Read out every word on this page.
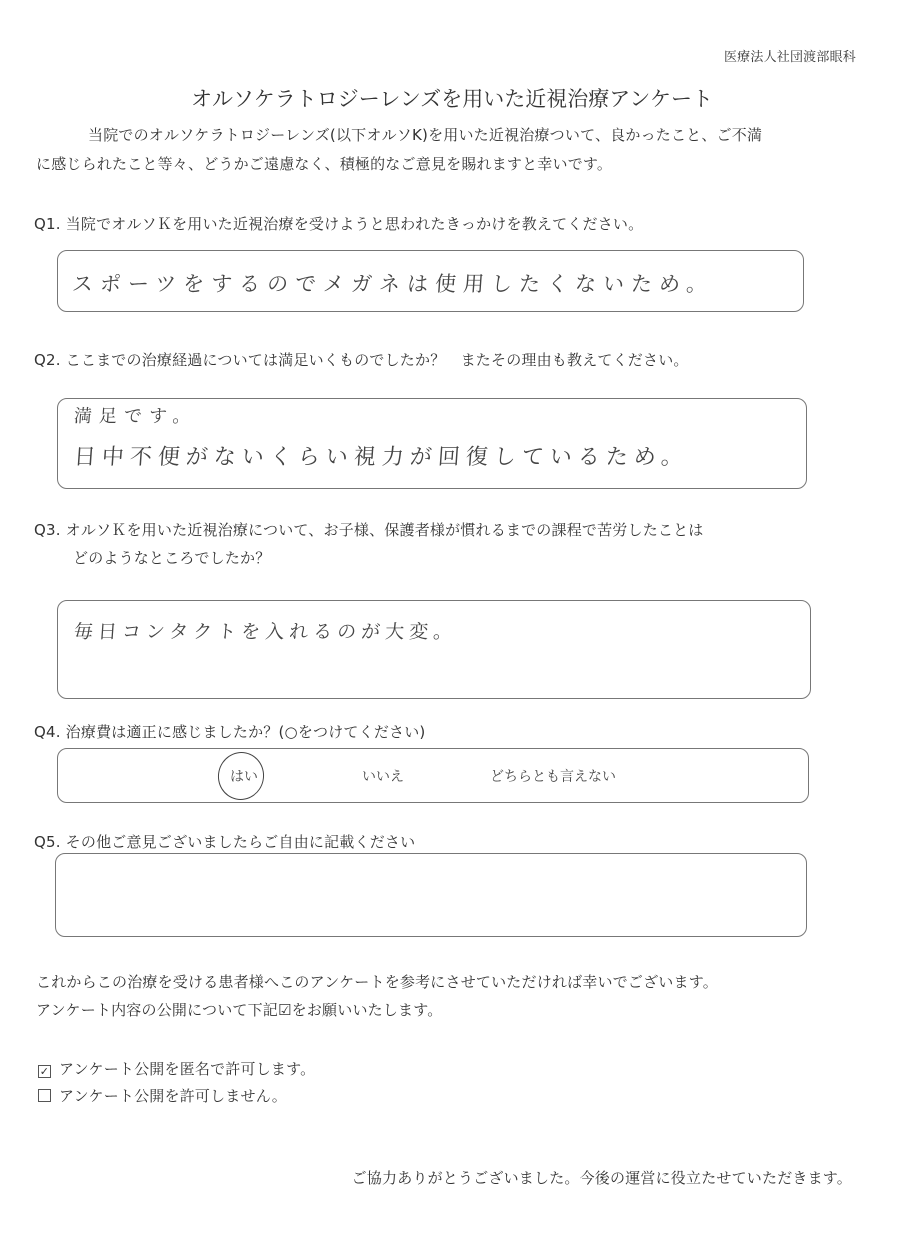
医療法人社団渡部眼科
オルソケラトロジーレンズを用いた近視治療アンケート
当院でのオルソケラトロジーレンズ(以下オルソK)を用いた近視治療ついて、良かったこと、ご不満
に感じられたこと等々、どうかご遠慮なく、積極的なご意見を賜れますと幸いです。
Q1. 当院でオルソＫを用いた近視治療を受けようと思われたきっかけを教えてください。
スポーツをするのでメガネは使用したくないため。
Q2. ここまでの治療経過については満足いくものでしたか？　またその理由も教えてください。
満足です。
日中不便がないくらい視力が回復しているため。
Q3. オルソＫを用いた近視治療について、お子様、保護者様が慣れるまでの課程で苦労したことは
どのようなところでしたか？
毎日コンタクトを入れるのが大変。
Q4. 治療費は適正に感じましたか？(○をつけてください)
はい	いいえ	どちらとも言えない
Q5. その他ご意見ございましたらご自由に記載ください
これからこの治療を受ける患者様へこのアンケートを参考にさせていただければ幸いでございます。
アンケート内容の公開について下記☑をお願いいたします。
✓ アンケート公開を匿名で許可します。
アンケート公開を許可しません。
ご協力ありがとうございました。今後の運営に役立たせていただきます。
